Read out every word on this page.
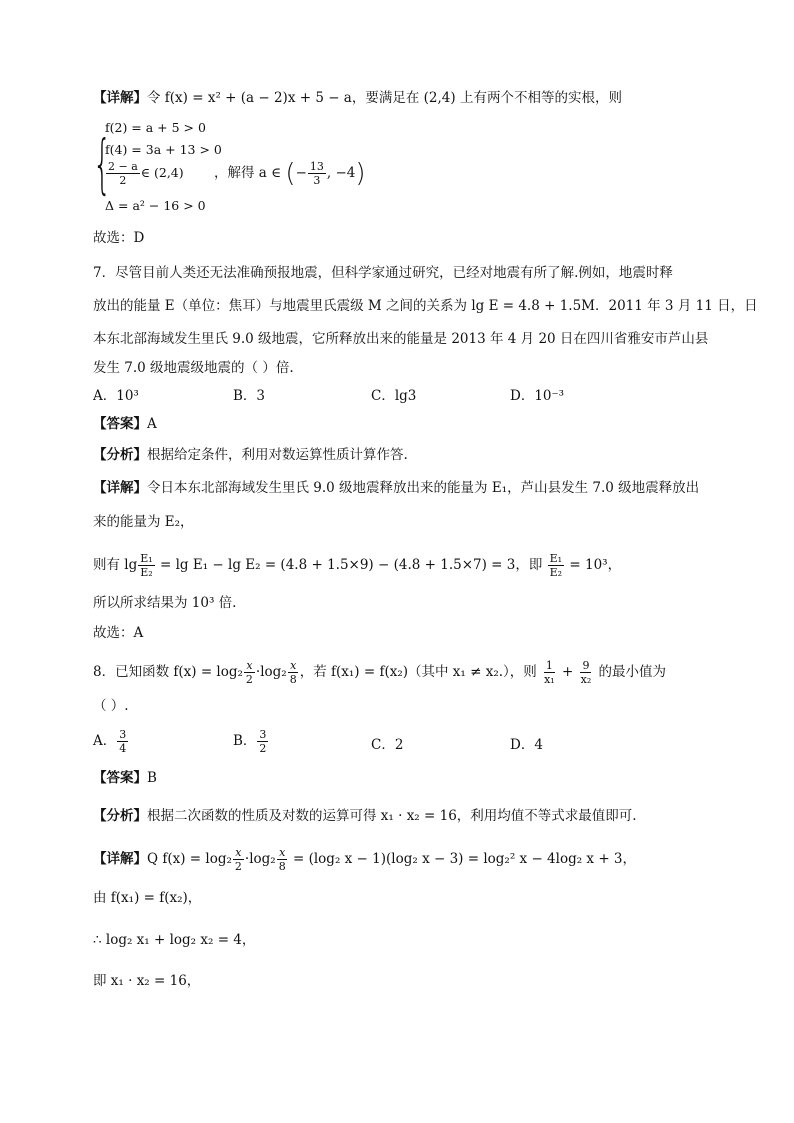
【详解】令 f(x) = x² + (a − 2)x + 5 − a，要满足在 (2,4) 上有两个不相等的实根，则
{
f(2) = a + 5 > 0
f(4) = 3a + 13 > 0
$\frac{2 - a}{2}$ ∈ (2,4)
Δ = a² − 16 > 0
，解得 a ∈ (− $\frac{13}{3}$ , −4)
故选：D
7．尽管目前人类还无法准确预报地震，但科学家通过研究，已经对地震有所了解.例如，地震时释
放出的能量 E（单位：焦耳）与地震里氏震级 M 之间的关系为 lg E = 4.8 + 1.5M．2011 年 3 月 11 日，日
本东北部海域发生里氏 9.0 级地震，它所释放出来的能量是 2013 年 4 月 20 日在四川省雅安市芦山县
发生 7.0 级地震级地震的（ ）倍.
A．10³	B．3	C．lg3	D．10⁻³
【答案】A
【分析】根据给定条件，利用对数运算性质计算作答.
【详解】令日本东北部海域发生里氏 9.0 级地震释放出来的能量为 E₁，芦山县发生 7.0 级地震释放出
来的能量为 E₂，
则有 $\lg \frac{\text{E₁}}{\text{E₂}} = \lg E_1 - \lg E_2 = (4.8 + 1.5\times 9) - (4.8 + 1.5\times 7) = 3$，即 $\frac{\text{E₁}}{\text{E₂}} = 10^3$，
所以所求结果为 10³ 倍.
故选：A
8．已知函数 $f(x) = \log_2 \frac{x}{2} \cdot\log_2 \frac{x}{8}$ ，若 f(x₁) = f(x₂)（其中 x₁ ≠ x₂.），则 $\frac{1}{\text{x₁}} + \frac{9}{\text{x₂}}$ 的最小值为
（ ）.
A． $\frac{3}{4}$	B． $\frac{3}{2}$	C．2	D．4
【答案】B
【分析】根据二次函数的性质及对数的运算可得 x₁ · x₂ = 16，利用均值不等式求最值即可.
【详解】Q $f(x) = \log_2 \frac{x}{2} \cdot\log_2 \frac{x}{8} = (\log_2$ x − 1)(log₂ x − 3) = log₂² x − 4log₂ x + 3，
由 f(x₁) = f(x₂)，
∴ log₂ x₁ + log₂ x₂ = 4，
即 x₁ · x₂ = 16，
